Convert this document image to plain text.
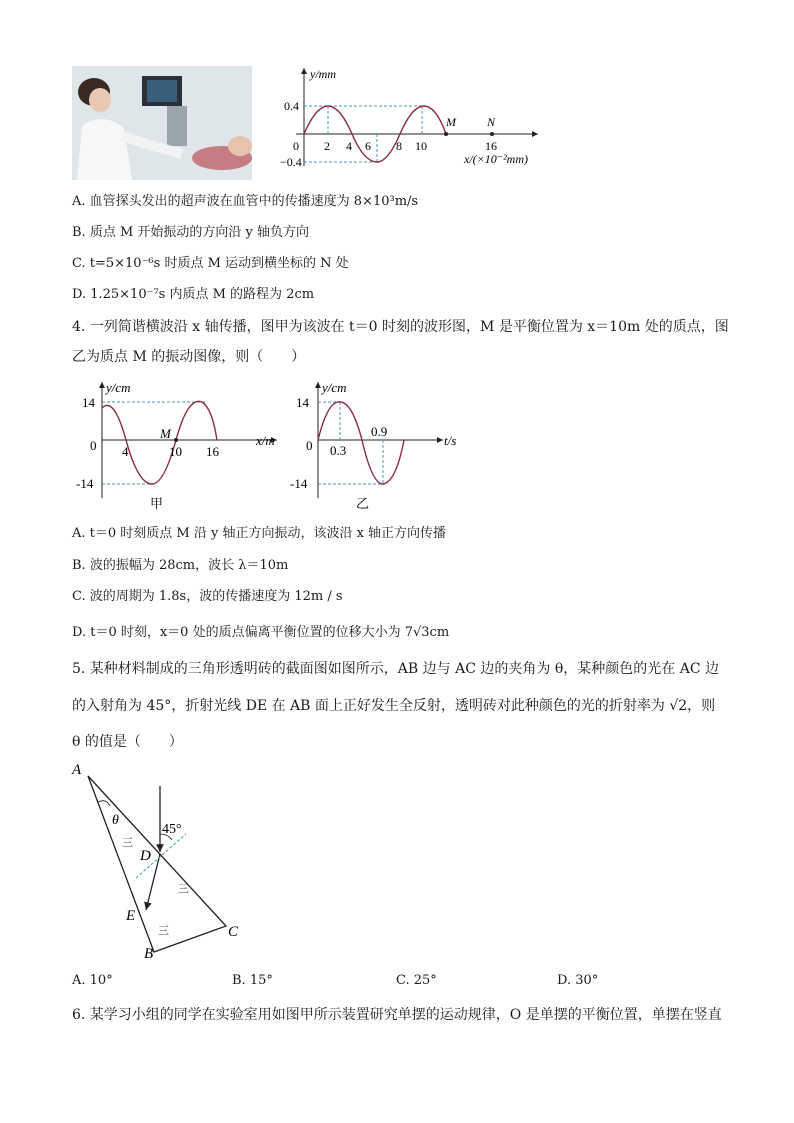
y/mm
0.4
−0.4
0 2 4 6 8 10	16
M	N
x/(×10⁻²mm)
A. 血管探头发出的超声波在血管中的传播速度为 8×10³m/s
B. 质点 M 开始振动的方向沿 y 轴负方向
C. t=5×10⁻⁶s 时质点 M 运动到横坐标的 N 处
D. 1.25×10⁻⁷s 内质点 M 的路程为 2cm
4. 一列简谐横波沿 x 轴传播，图甲为该波在 t＝0 时刻的波形图，M 是平衡位置为 x＝10m 处的质点，图
乙为质点 M 的振动图像，则（　　）
y/cm
14
0
-14
4	10 16
M	x/m
甲
y/cm
14
0
-14
0.3
0.9
t/s
乙
A. t＝0 时刻质点 M 沿 y 轴正方向振动，该波沿 x 轴正方向传播
B. 波的振幅为 28cm，波长 λ＝10m
C. 波的周期为 1.8s，波的传播速度为 12m / s
D. t＝0 时刻，x＝0 处的质点偏离平衡位置的位移大小为 7√3cm
5. 某种材料制成的三角形透明砖的截面图如图所示，AB 边与 AC 边的夹角为 θ，某种颜色的光在 AC 边
的入射角为 45°，折射光线 DE 在 AB 面上正好发生全反射，透明砖对此种颜色的光的折射率为 √2，则
θ 的值是（　　）
A
θ
45°
D
E
B
C
三
三
三
A. 10°	B. 15°	C. 25°	D. 30°
6. 某学习小组的同学在实验室用如图甲所示装置研究单摆的运动规律，O 是单摆的平衡位置，单摆在竖直
